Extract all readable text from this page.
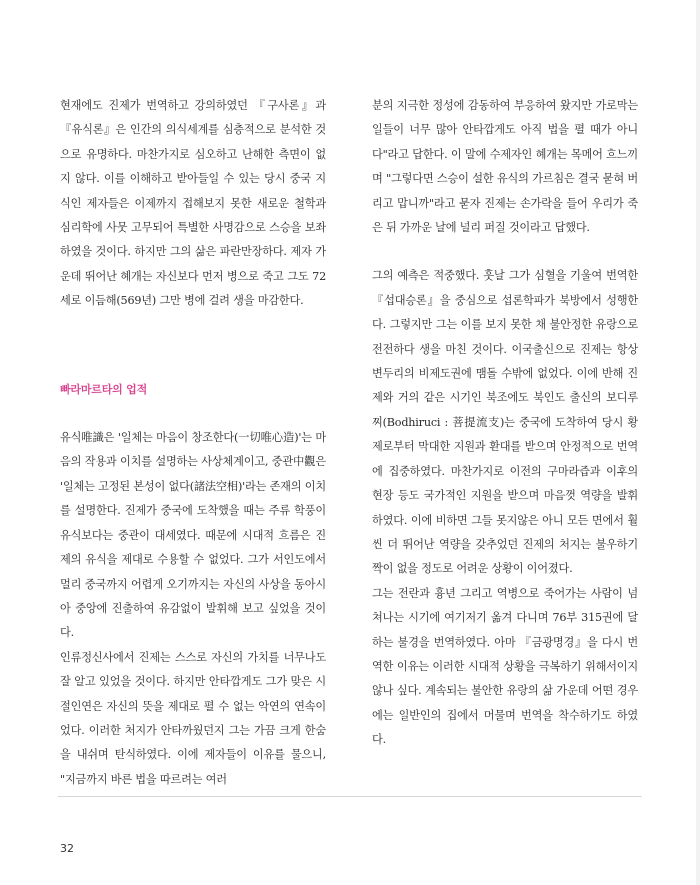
현재에도 진제가 번역하고 강의하였던 『구사론』과 『유식론』은 인간의 의식세계를 심층적으로 분석한 것으로 유명하다. 마찬가지로 심오하고 난해한 측면이 없지 않다. 이를 이해하고 받아들일 수 있는 당시 중국 지식인 제자들은 이제까지 접해보지 못한 새로운 철학과 심리학에 사뭇 고무되어 특별한 사명감으로 스승을 보좌하였을 것이다. 하지만 그의 삶은 파란만장하다. 제자 가운데 뛰어난 혜개는 자신보다 먼저 병으로 죽고 그도 72세로 이듬해(569년) 그만 병에 걸려 생을 마감한다.

빠라마르타의 업적

유식唯識은 '일체는 마음이 창조한다(一切唯心造)'는 마음의 작용과 이치를 설명하는 사상체계이고, 중관中觀은 '일체는 고정된 본성이 없다(諸法空相)'라는 존재의 이치를 설명한다. 진제가 중국에 도착했을 때는 주류 학풍이 유식보다는 중관이 대세였다. 때문에 시대적 흐름은 진제의 유식을 제대로 수용할 수 없었다. 그가 서인도에서 멀리 중국까지 어렵게 오기까지는 자신의 사상을 동아시아 중앙에 진출하여 유감없이 발휘해 보고 싶었을 것이다.

인류정신사에서 진제는 스스로 자신의 가치를 너무나도 잘 알고 있었을 것이다. 하지만 안타깝게도 그가 맞은 시절인연은 자신의 뜻을 제대로 펼 수 없는 악연의 연속이었다. 이러한 처지가 안타까웠던지 그는 가끔 크게 한숨을 내쉬며 탄식하였다. 이에 제자들이 이유를 물으니, "지금까지 바른 법을 따르려는 여러

분의 지극한 정성에 감동하여 부응하여 왔지만 가로막는 일들이 너무 많아 안타깝게도 아직 법을 펼 때가 아니다"라고 답한다. 이 말에 수제자인 혜개는 목메어 흐느끼며 "그렇다면 스승이 설한 유식의 가르침은 결국 묻혀 버리고 맙니까"라고 묻자 진제는 손가락을 들어 우리가 죽은 뒤 가까운 날에 널리 퍼질 것이라고 답했다.

그의 예측은 적중했다. 훗날 그가 심혈을 기울여 번역한 『섭대승론』을 중심으로 섭론학파가 북방에서 성행한다. 그렇지만 그는 이를 보지 못한 채 불안정한 유랑으로 전전하다 생을 마친 것이다. 이국출신으로 진제는 항상 변두리의 비제도권에 맴돌 수밖에 없었다. 이에 반해 진제와 거의 같은 시기인 북조에도 북인도 출신의 보디루찌(Bodhiruci : 菩提流支)는 중국에 도착하여 당시 황제로부터 막대한 지원과 환대를 받으며 안정적으로 번역에 집중하였다. 마찬가지로 이전의 구마라즙과 이후의 현장 등도 국가적인 지원을 받으며 마음껏 역량을 발휘하였다. 이에 비하면 그들 못지않은 아니 모든 면에서 훨씬 더 뛰어난 역량을 갖추었던 진제의 처지는 불우하기 짝이 없을 정도로 어려운 상황이 이어졌다.

그는 전란과 흉년 그리고 역병으로 죽어가는 사람이 넘쳐나는 시기에 여기저기 옮겨 다니며 76부 315권에 달하는 불경을 번역하였다. 아마 『금광명경』을 다시 번역한 이유는 이러한 시대적 상황을 극복하기 위해서이지 않나 싶다. 계속되는 불안한 유랑의 삶 가운데 어떤 경우에는 일반인의 집에서 머물며 번역을 착수하기도 하였다.

32
